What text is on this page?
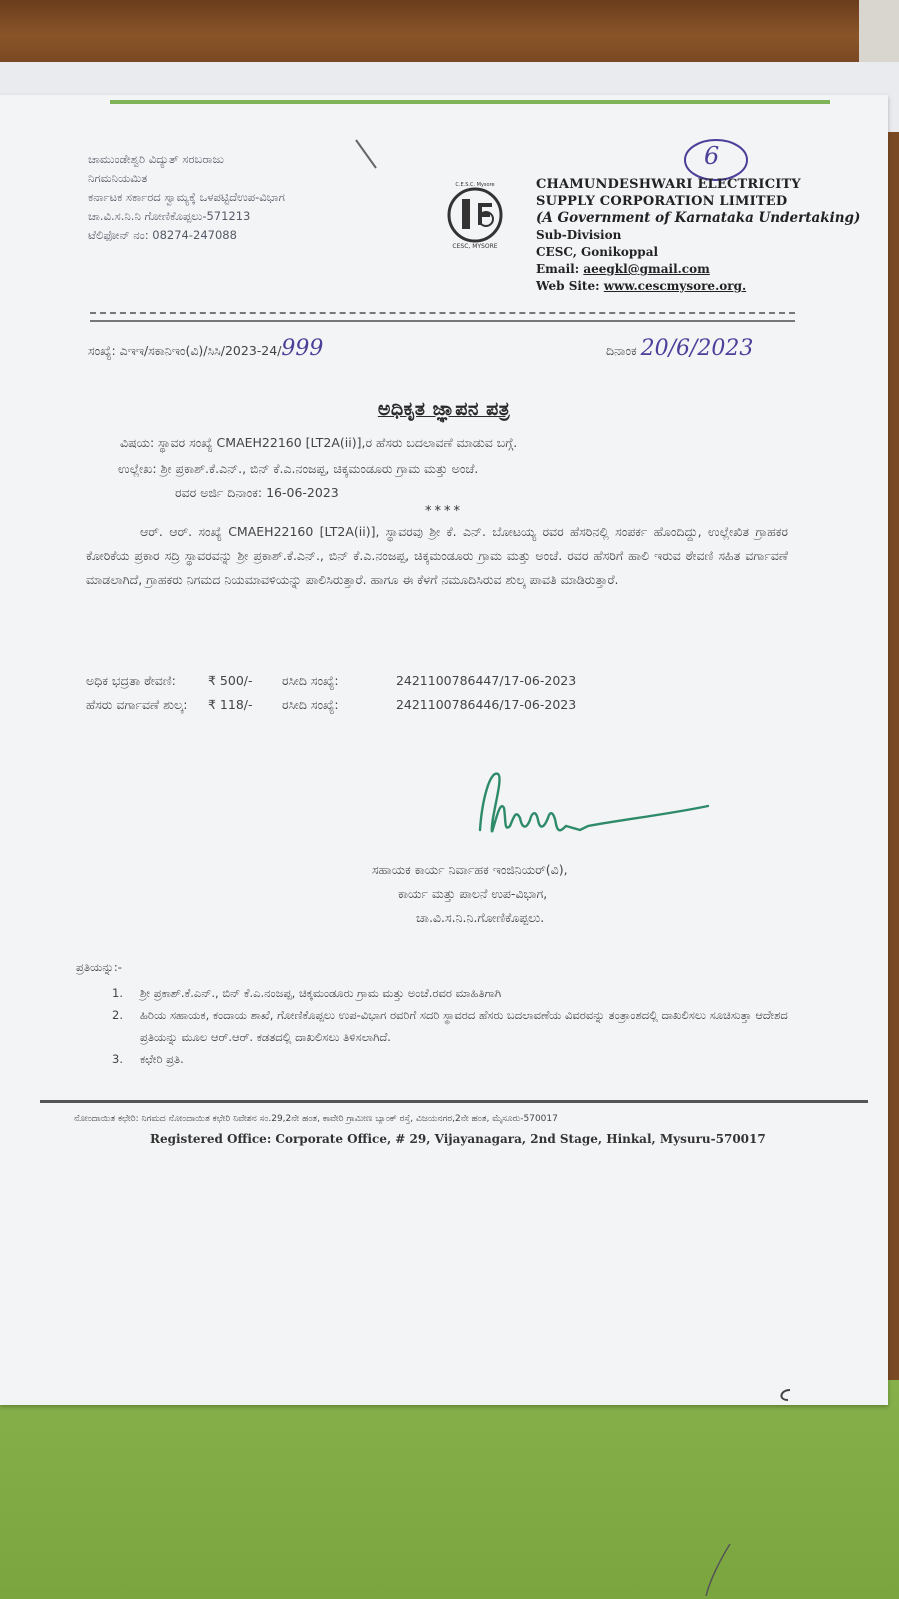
ಚಾಮುಂಡೇಶ್ವರಿ ವಿದ್ಯುತ್ ಸರಬರಾಜು
ನಿಗಮನಿಯಮಿತ
ಕರ್ನಾಟಕ ಸರ್ಕಾರದ ಸ್ವಾಮ್ಯಕ್ಕೆ ಒಳಪಟ್ಟಿದೆಉಪ-ವಿಭಾಗ
ಚಾ.ವಿ.ಸ.ನಿ.ನಿ ಗೋಣಿಕೊಪ್ಪಲು-571213
ಟೆಲಿಫೋನ್ ನಂ: 08274-247088
C.E.S.C. Mysore
CESC, MYSORE
6
CHAMUNDESHWARI ELECTRICITY
SUPPLY CORPORATION LIMITED
(A Government of Karnataka Undertaking)
Sub-Division
CESC, Gonikoppal
Email: aeegkl@gmail.com
Web Site: www.cescmysore.org.
ಸಂಖ್ಯೆ: ಎಇಇ/ಸಕಾನಿಇಂ(ವಿ)/ಸಿಸಿ/2023-24/999	ದಿನಾಂಕ 20/6/2023
ಅಧಿಕೃತ ಜ್ಞಾಪನ ಪತ್ರ
ವಿಷಯ: ಸ್ಥಾವರ ಸಂಖ್ಯೆ CMAEH22160 [LT2A(ii)],ರ ಹೆಸರು ಬದಲಾವಣೆ ಮಾಡುವ ಬಗ್ಗೆ.
ಉಲ್ಲೇಖ: ಶ್ರೀ ಪ್ರಕಾಶ್.ಕೆ.ಎನ್., ಬಿನ್ ಕೆ.ಎ.ನಂಜಪ್ಪ, ಚಿಕ್ಕಮಂಡೂರು ಗ್ರಾಮ ಮತ್ತು ಅಂಚೆ.
ರವರ ಅರ್ಜಿ ದಿನಾಂಕ: 16-06-2023
****
ಆರ್. ಆರ್. ಸಂಖ್ಯೆ CMAEH22160 [LT2A(ii)], ಸ್ಥಾವರವು ಶ್ರೀ ಕೆ. ಎನ್. ಬೋಟಯ್ಯ ರವರ ಹೆಸರಿನಲ್ಲಿ ಸಂಪರ್ಕ ಹೊಂದಿದ್ದು, ಉಲ್ಲೇಖಿತ ಗ್ರಾಹಕರ ಕೋರಿಕೆಯ ಪ್ರಕಾರ ಸದ್ರಿ ಸ್ಥಾವರವನ್ನು ಶ್ರೀ ಪ್ರಕಾಶ್.ಕೆ.ಎನ್., ಬಿನ್ ಕೆ.ಎ.ನಂಜಪ್ಪ, ಚಿಕ್ಕಮಂಡೂರು ಗ್ರಾಮ ಮತ್ತು ಅಂಚೆ. ರವರ ಹೆಸರಿಗೆ ಹಾಲಿ ಇರುವ ಠೇವಣಿ ಸಹಿತ ವರ್ಗಾವಣೆ ಮಾಡಲಾಗಿದೆ, ಗ್ರಾಹಕರು ನಿಗಮದ ನಿಯಮಾವಳಿಯನ್ನು ಪಾಲಿಸಿರುತ್ತಾರೆ. ಹಾಗೂ ಈ ಕೆಳಗೆ ನಮೂದಿಸಿರುವ ಶುಲ್ಕ ಪಾವತಿ ಮಾಡಿರುತ್ತಾರೆ.
ಅಧಿಕ ಭದ್ರತಾ ಠೇವಣಿ:	₹ 500/- ರಸೀದಿ ಸಂಖ್ಯೆ:	2421100786447/17-06-2023
ಹೆಸರು ವರ್ಗಾವಣೆ ಶುಲ್ಕ: ₹ 118/- ರಸೀದಿ ಸಂಖ್ಯೆ:	2421100786446/17-06-2023
ಸಹಾಯಕ ಕಾರ್ಯ ನಿರ್ವಾಹಕ ಇಂಜಿನಿಯರ್(ವಿ),
ಕಾರ್ಯ ಮತ್ತು ಪಾಲನೆ ಉಪ-ವಿಭಾಗ,
ಚಾ.ವಿ.ಸ.ನಿ.ನಿ.ಗೋಣಿಕೊಪ್ಪಲು.
ಪ್ರತಿಯನ್ನು:-
1. ಶ್ರೀ ಪ್ರಕಾಶ್.ಕೆ.ಎನ್., ಬಿನ್ ಕೆ.ಎ.ನಂಜಪ್ಪ, ಚಿಕ್ಕಮಂಡೂರು ಗ್ರಾಮ ಮತ್ತು ಅಂಚೆ.ರವರ ಮಾಹಿತಿಗಾಗಿ
2.	ಹಿರಿಯ ಸಹಾಯಕ, ಕಂದಾಯ ಶಾಖೆ, ಗೋಣಿಕೊಪ್ಪಲು ಉಪ-ವಿಭಾಗ ರವರಿಗೆ ಸದರಿ ಸ್ಥಾವರದ ಹೆಸರು ಬದಲಾವಣೆಯ ವಿವರವನ್ನು ತಂತ್ರಾಂಶದಲ್ಲಿ ದಾಖಲಿಸಲು ಸೂಚಿಸುತ್ತಾ ಆದೇಶದ ಪ್ರತಿಯನ್ನು ಮೂಲ ಆರ್.ಆರ್. ಕಡತದಲ್ಲಿ ದಾಖಲಿಸಲು ತಿಳಿಸಲಾಗಿದೆ.
3. ಕಛೇರಿ ಪ್ರತಿ.
ನೋಂದಾಯಿತ ಕಛೇರಿ: ನಿಗಮದ ನೋಂದಾಯಿತ ಕಛೇರಿ ನಿವೇಶನ ಸಂ.29,2ನೇ ಹಂತ, ಕಾವೇರಿ ಗ್ರಾಮೀಣ ಬ್ಯಾಂಕ್ ರಸ್ತೆ, ವಿಜಯನಗರ,2ನೇ ಹಂತ, ಮೈಸೂರು-570017
Registered Office: Corporate Office, # 29, Vijayanagara, 2nd Stage, Hinkal, Mysuru-570017
